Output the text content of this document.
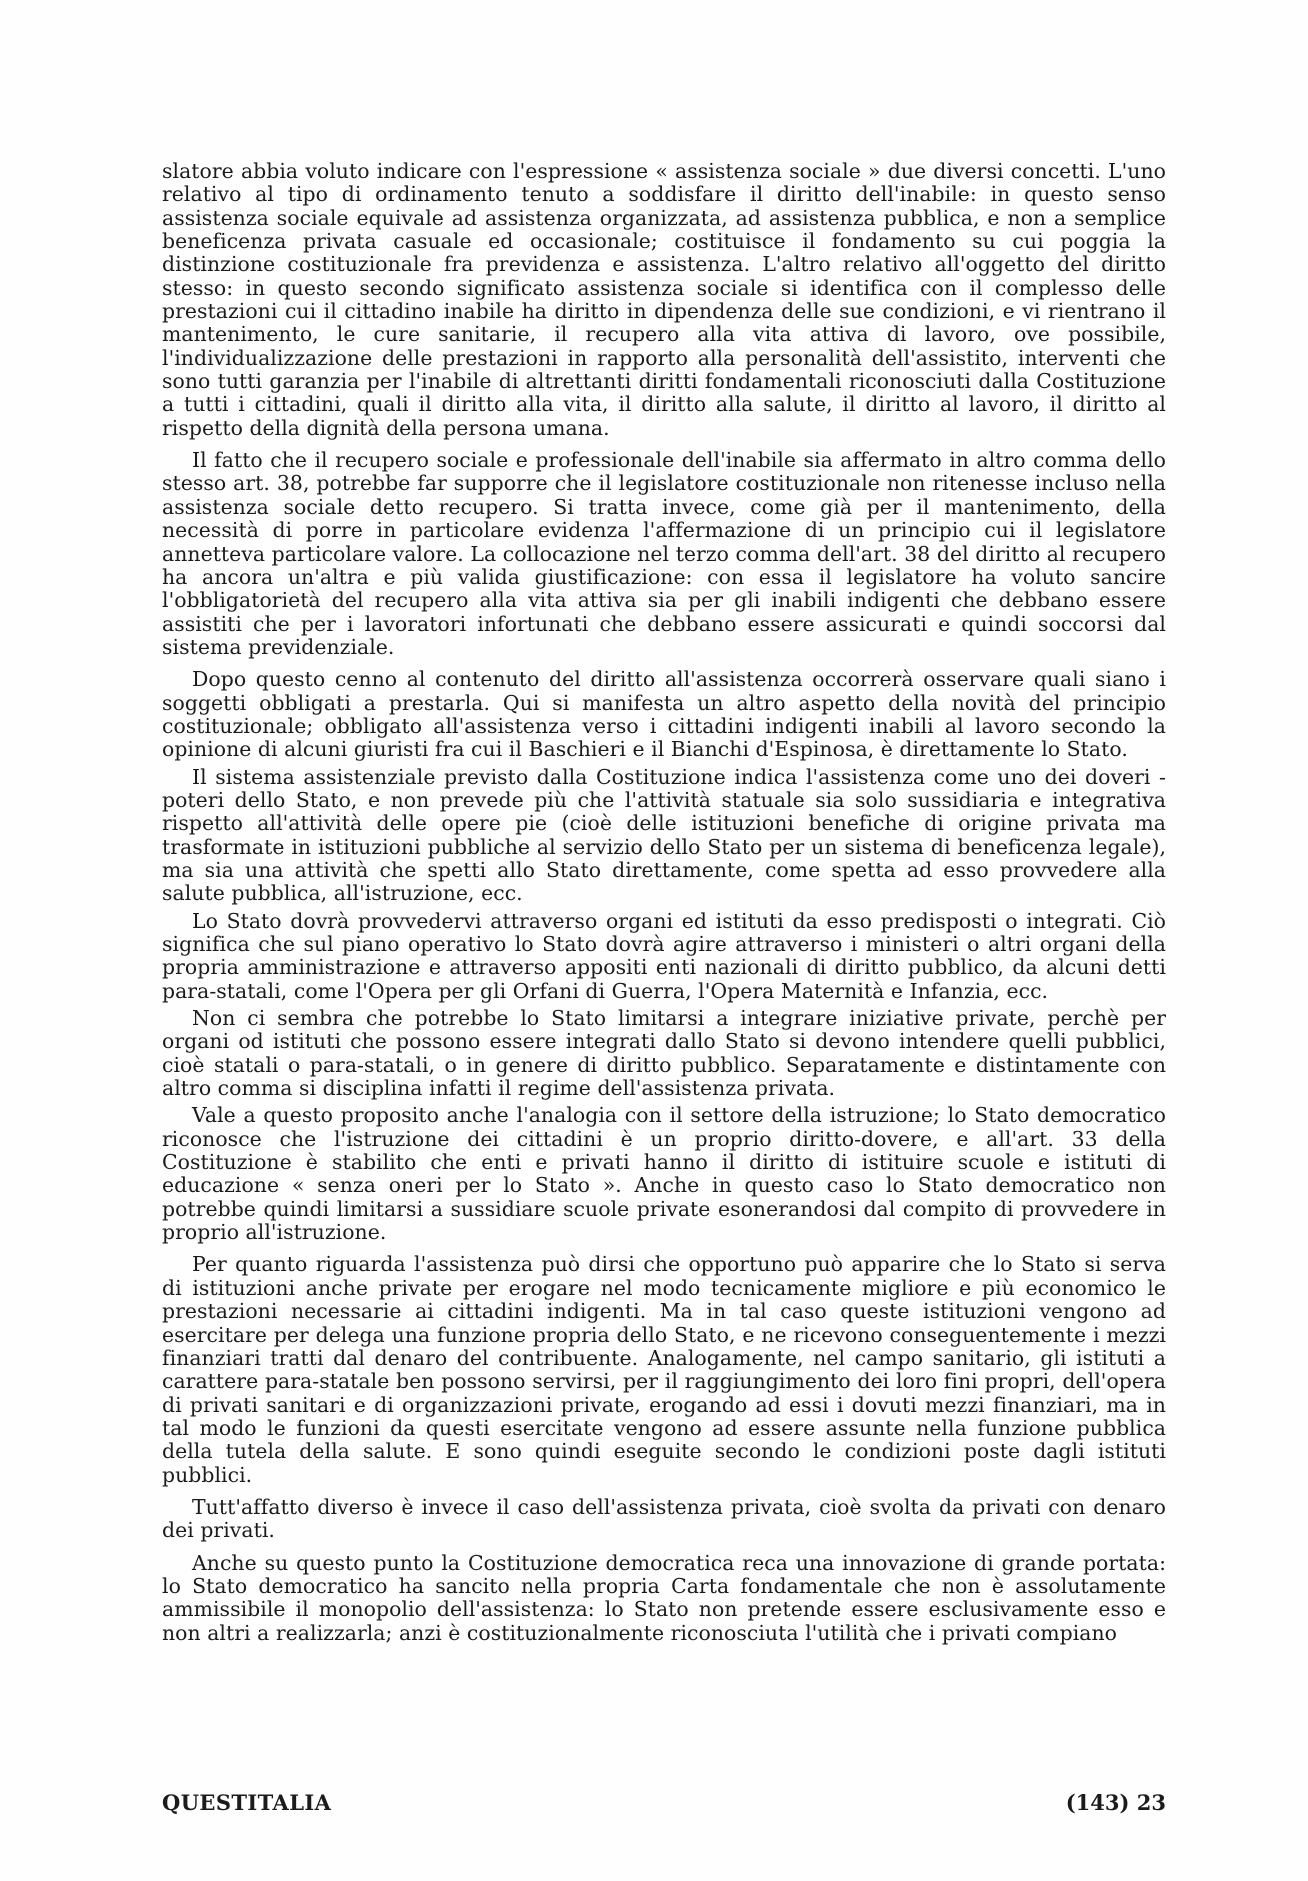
slatore abbia voluto indicare con l'espressione « assistenza sociale » due diversi concetti. L'uno relativo al tipo di ordinamento tenuto a soddisfare il diritto dell'inabile: in questo senso assistenza sociale equivale ad assistenza organizzata, ad assistenza pubblica, e non a semplice beneficenza privata casuale ed occasionale; costituisce il fondamento su cui poggia la distinzione costituzionale fra previdenza e assistenza. L'altro relativo all'oggetto del diritto stesso: in questo secondo significato assistenza sociale si identifica con il complesso delle prestazioni cui il cittadino inabile ha diritto in dipendenza delle sue condizioni, e vi rientrano il mantenimento, le cure sanitarie, il recupero alla vita attiva di lavoro, ove possibile, l'individualizzazione delle prestazioni in rapporto alla personalità dell'assistito, interventi che sono tutti garanzia per l'inabile di altrettanti diritti fondamentali riconosciuti dalla Costituzione a tutti i cittadini, quali il diritto alla vita, il diritto alla salute, il diritto al lavoro, il diritto al rispetto della dignità della persona umana.

Il fatto che il recupero sociale e professionale dell'inabile sia affermato in altro comma dello stesso art. 38, potrebbe far supporre che il legislatore costituzionale non ritenesse incluso nella assistenza sociale detto recupero. Si tratta invece, come già per il mantenimento, della necessità di porre in particolare evidenza l'affermazione di un principio cui il legislatore annetteva particolare valore. La collocazione nel terzo comma dell'art. 38 del diritto al recupero ha ancora un'altra e più valida giustificazione: con essa il legislatore ha voluto sancire l'obbligatorietà del recupero alla vita attiva sia per gli inabili indigenti che debbano essere assistiti che per i lavoratori infortunati che debbano essere assicurati e quindi soccorsi dal sistema previdenziale.

Dopo questo cenno al contenuto del diritto all'assistenza occorrerà osservare quali siano i soggetti obbligati a prestarla. Qui si manifesta un altro aspetto della novità del principio costituzionale; obbligato all'assistenza verso i cittadini indigenti inabili al lavoro secondo la opinione di alcuni giuristi fra cui il Baschieri e il Bianchi d'Espinosa, è direttamente lo Stato.

Il sistema assistenziale previsto dalla Costituzione indica l'assistenza come uno dei doveri - poteri dello Stato, e non prevede più che l'attività statuale sia solo sussidiaria e integrativa rispetto all'attività delle opere pie (cioè delle istituzioni benefiche di origine privata ma trasformate in istituzioni pubbliche al servizio dello Stato per un sistema di beneficenza legale), ma sia una attività che spetti allo Stato direttamente, come spetta ad esso provvedere alla salute pubblica, all'istruzione, ecc.

Lo Stato dovrà provvedervi attraverso organi ed istituti da esso predisposti o integrati. Ciò significa che sul piano operativo lo Stato dovrà agire attraverso i ministeri o altri organi della propria amministrazione e attraverso appositi enti nazionali di diritto pubblico, da alcuni detti para-statali, come l'Opera per gli Orfani di Guerra, l'Opera Maternità e Infanzia, ecc.

Non ci sembra che potrebbe lo Stato limitarsi a integrare iniziative private, perchè per organi od istituti che possono essere integrati dallo Stato si devono intendere quelli pubblici, cioè statali o para-statali, o in genere di diritto pubblico. Separatamente e distintamente con altro comma si disciplina infatti il regime dell'assistenza privata.

Vale a questo proposito anche l'analogia con il settore della istruzione; lo Stato democratico riconosce che l'istruzione dei cittadini è un proprio diritto-dovere, e all'art. 33 della Costituzione è stabilito che enti e privati hanno il diritto di istituire scuole e istituti di educazione « senza oneri per lo Stato ». Anche in questo caso lo Stato democratico non potrebbe quindi limitarsi a sussidiare scuole private esonerandosi dal compito di provvedere in proprio all'istruzione.

Per quanto riguarda l'assistenza può dirsi che opportuno può apparire che lo Stato si serva di istituzioni anche private per erogare nel modo tecnicamente migliore e più economico le prestazioni necessarie ai cittadini indigenti. Ma in tal caso queste istituzioni vengono ad esercitare per delega una funzione propria dello Stato, e ne ricevono conseguentemente i mezzi finanziari tratti dal denaro del contribuente. Analogamente, nel campo sanitario, gli istituti a carattere para-statale ben possono servirsi, per il raggiungimento dei loro fini propri, dell'opera di privati sanitari e di organizzazioni private, erogando ad essi i dovuti mezzi finanziari, ma in tal modo le funzioni da questi esercitate vengono ad essere assunte nella funzione pubblica della tutela della salute. E sono quindi eseguite secondo le condizioni poste dagli istituti pubblici.

Tutt'affatto diverso è invece il caso dell'assistenza privata, cioè svolta da privati con denaro dei privati.

Anche su questo punto la Costituzione democratica reca una innovazione di grande portata: lo Stato democratico ha sancito nella propria Carta fondamentale che non è assolutamente ammissibile il monopolio dell'assistenza: lo Stato non pretende essere esclusivamente esso e non altri a realizzarla; anzi è costituzionalmente riconosciuta l'utilità che i privati compiano

QUESTITALIA	(143) 23
